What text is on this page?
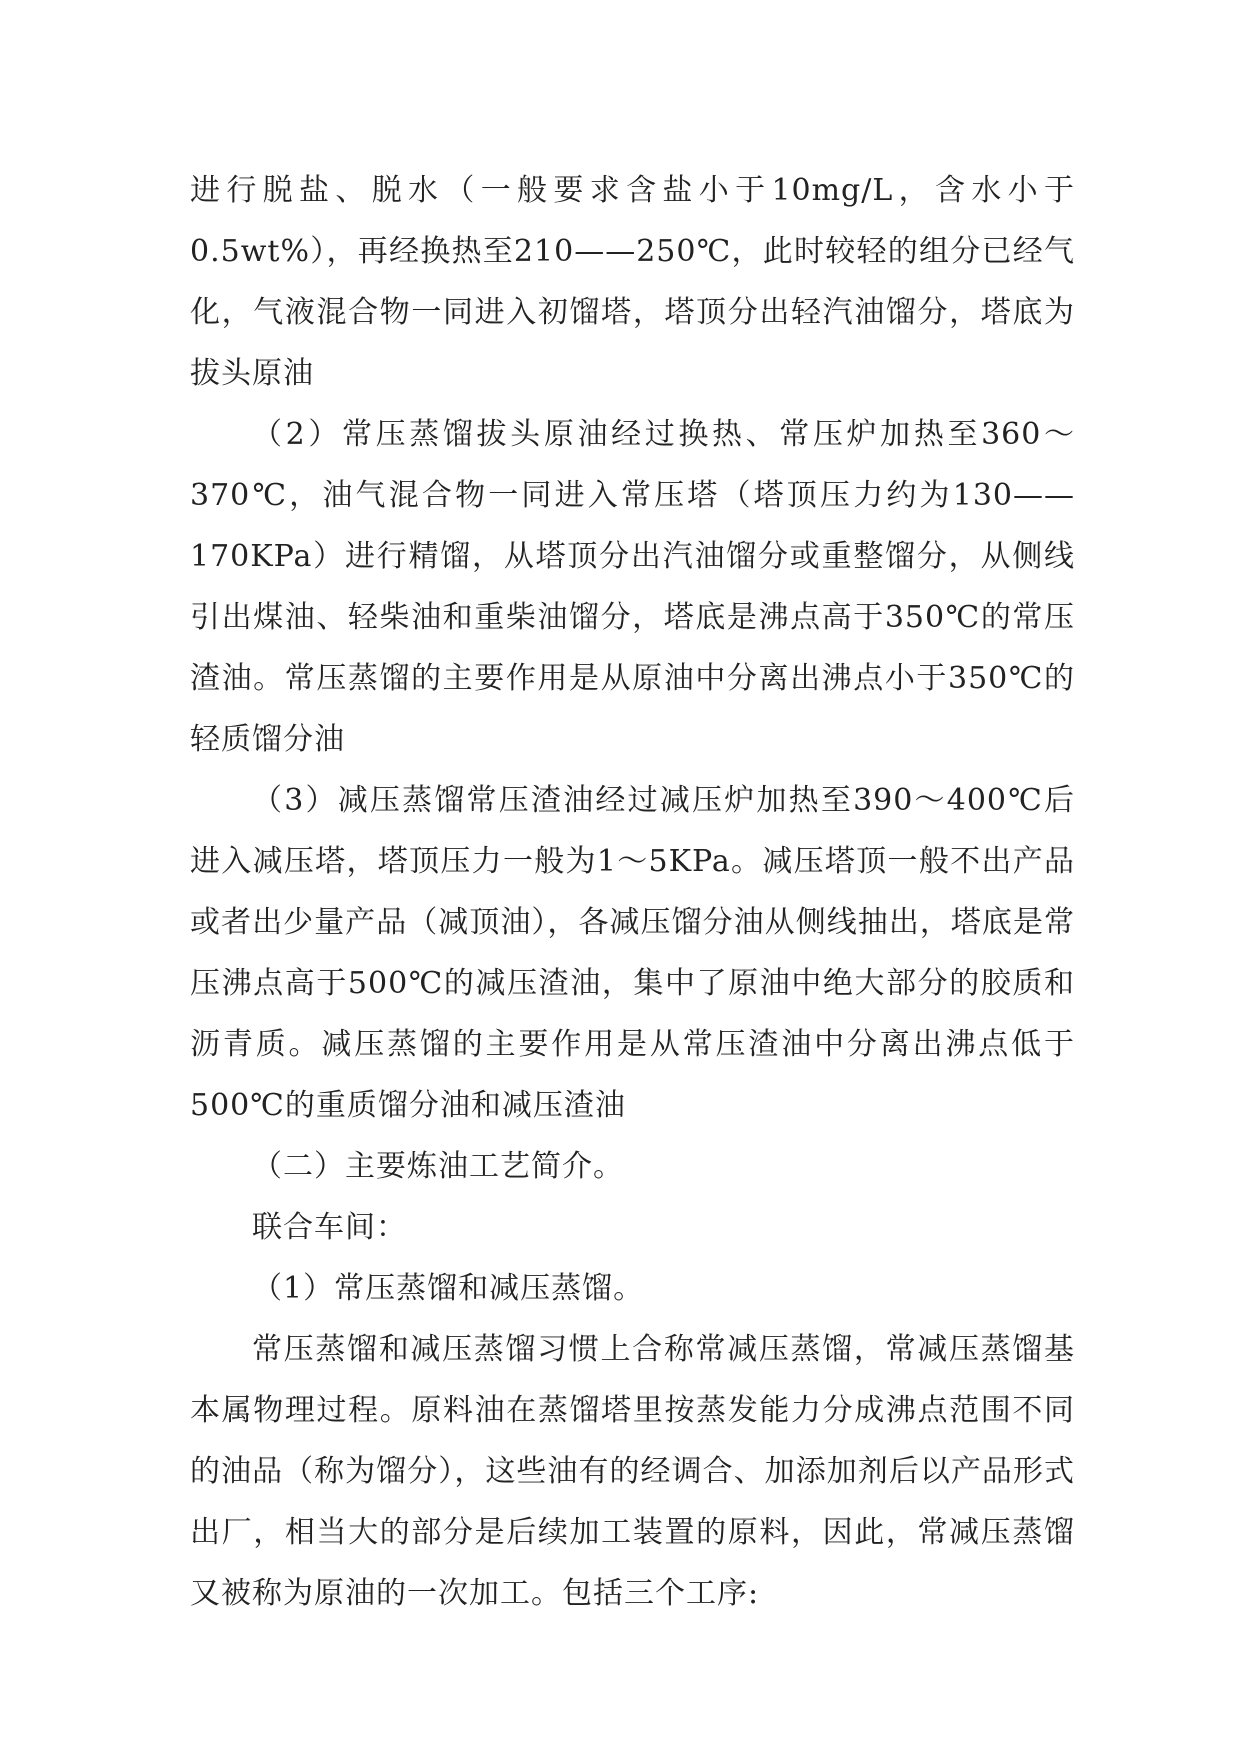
进行脱盐、脱水（一般要求含盐小于10mg/L，含水小于0.5wt%），再经换热至210——250℃，此时较轻的组分已经气化，气液混合物一同进入初馏塔，塔顶分出轻汽油馏分，塔底为拔头原油

（2）常压蒸馏拔头原油经过换热、常压炉加热至360～370℃，油气混合物一同进入常压塔（塔顶压力约为130——170KPa）进行精馏，从塔顶分出汽油馏分或重整馏分，从侧线引出煤油、轻柴油和重柴油馏分，塔底是沸点高于350℃的常压渣油。常压蒸馏的主要作用是从原油中分离出沸点小于350℃的轻质馏分油

（3）减压蒸馏常压渣油经过减压炉加热至390～400℃后进入减压塔，塔顶压力一般为1～5KPa。减压塔顶一般不出产品或者出少量产品（减顶油），各减压馏分油从侧线抽出，塔底是常压沸点高于500℃的减压渣油，集中了原油中绝大部分的胶质和沥青质。减压蒸馏的主要作用是从常压渣油中分离出沸点低于500℃的重质馏分油和减压渣油

（二）主要炼油工艺简介。

联合车间：

（1）常压蒸馏和减压蒸馏。

常压蒸馏和减压蒸馏习惯上合称常减压蒸馏，常减压蒸馏基本属物理过程。原料油在蒸馏塔里按蒸发能力分成沸点范围不同的油品（称为馏分），这些油有的经调合、加添加剂后以产品形式出厂，相当大的部分是后续加工装置的原料，因此，常减压蒸馏又被称为原油的一次加工。包括三个工序:
